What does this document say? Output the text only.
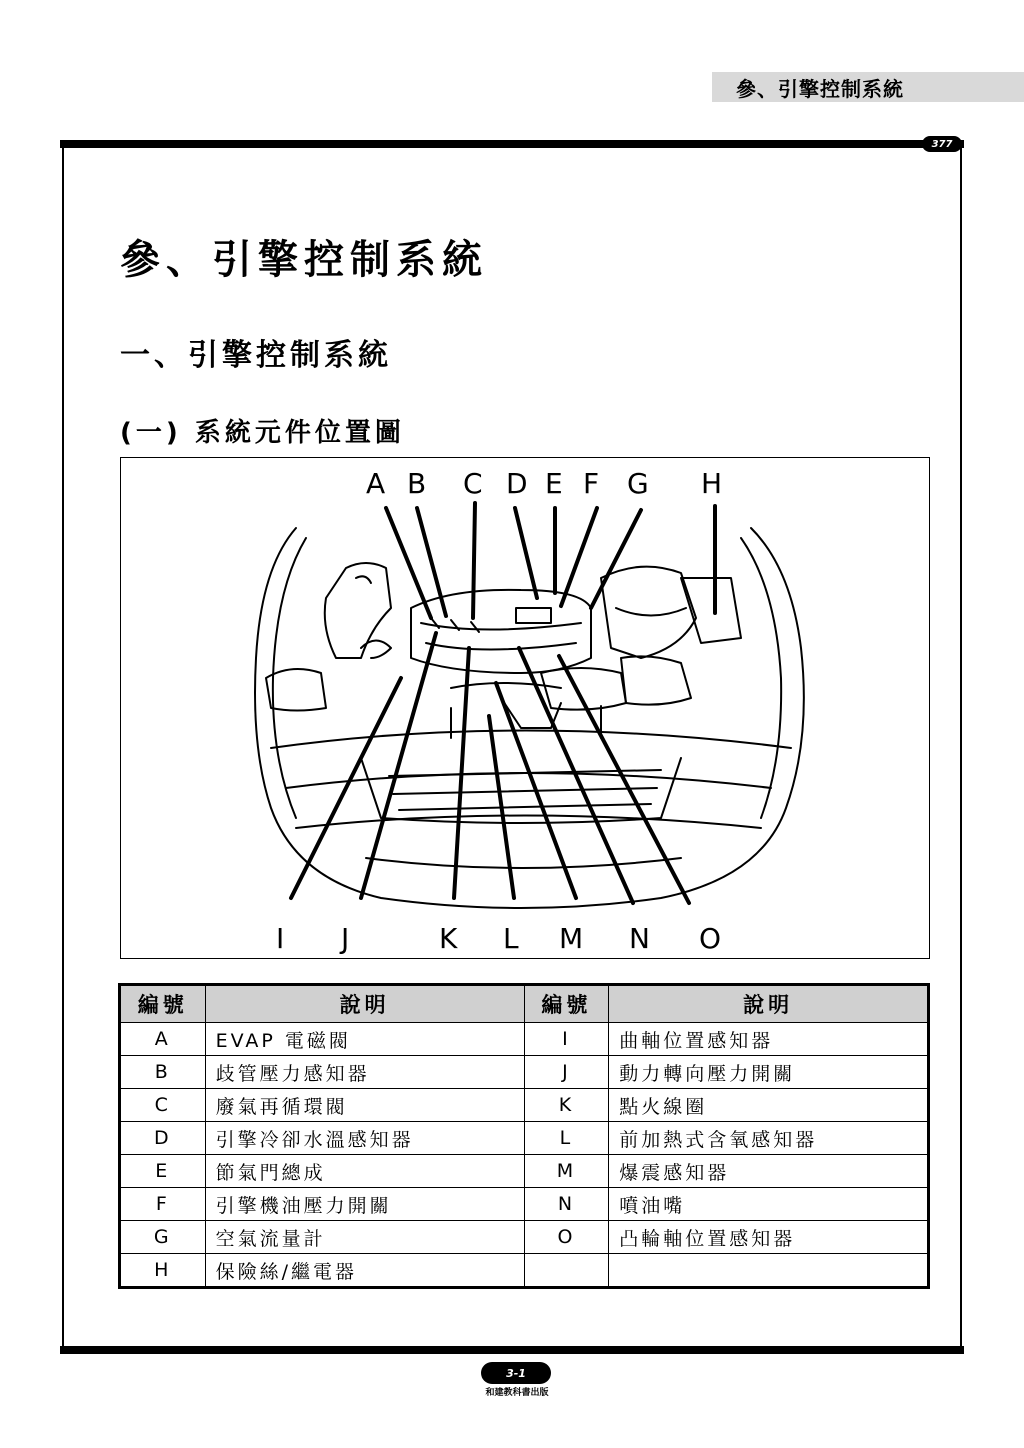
參、引擎控制系統
377
參、引擎控制系統
一、引擎控制系統
(一) 系統元件位置圖
A B C D E F G H
I J	K L M N O
編號	說明	編號	說明
A	EVAP 電磁閥	I	曲軸位置感知器
B	歧管壓力感知器	J	動力轉向壓力開關
C	廢氣再循環閥	K	點火線圈
D	引擎冷卻水溫感知器	L	前加熱式含氧感知器
E	節氣門總成	M	爆震感知器
F	引擎機油壓力開關	N	噴油嘴
G	空氣流量計	O	凸輪軸位置感知器
H	保險絲/繼電器		
3-1
和建教科書出版
